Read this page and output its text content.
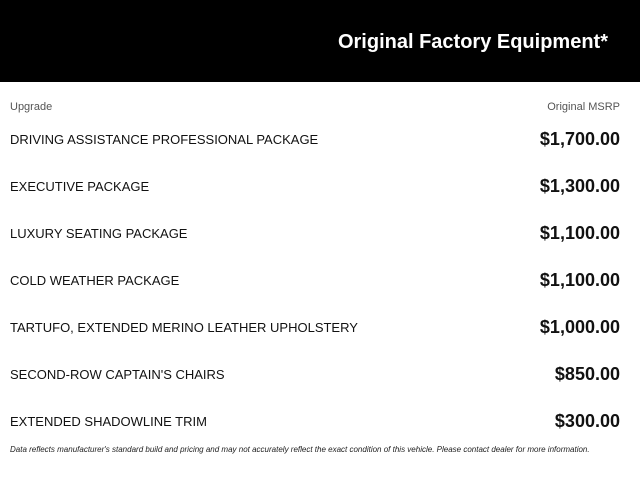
Original Factory Equipment*
Upgrade	Original MSRP
DRIVING ASSISTANCE PROFESSIONAL PACKAGE	$1,700.00
EXECUTIVE PACKAGE	$1,300.00
LUXURY SEATING PACKAGE	$1,100.00
COLD WEATHER PACKAGE	$1,100.00
TARTUFO, EXTENDED MERINO LEATHER UPHOLSTERY	$1,000.00
SECOND-ROW CAPTAIN'S CHAIRS	$850.00
EXTENDED SHADOWLINE TRIM	$300.00
Data reflects manufacturer's standard build and pricing and may not accurately reflect the exact condition of this vehicle. Please contact dealer for more information.
